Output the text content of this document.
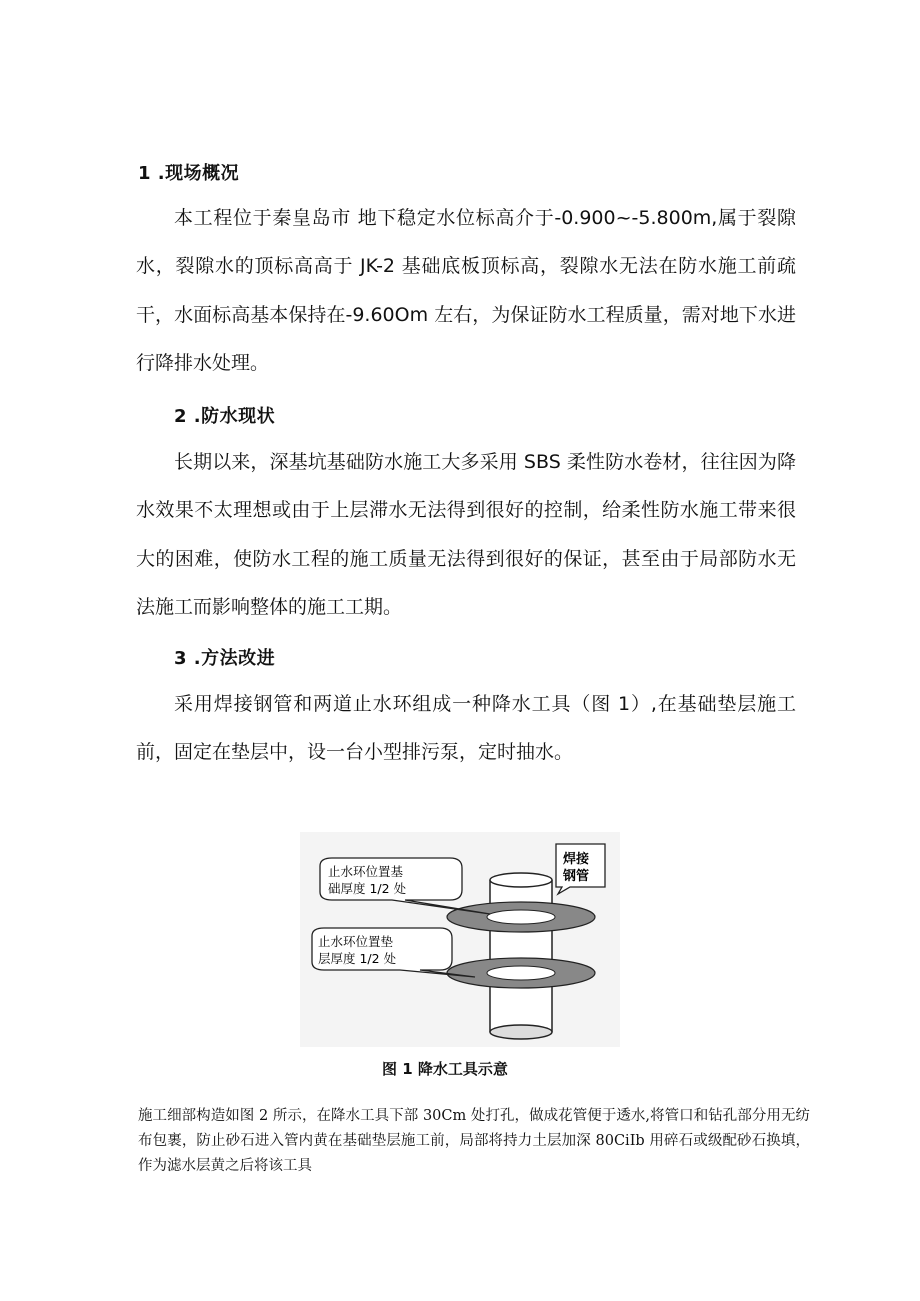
1 .现场概况

本工程位于秦皇岛市 地下稳定水位标高介于-0.900~-5.800m,属于裂隙水，裂隙水的顶标高高于 JK-2 基础底板顶标高，裂隙水无法在防水施工前疏干，水面标高基本保持在-9.60Om 左右，为保证防水工程质量，需对地下水进行降排水处理。

2 .防水现状

长期以来，深基坑基础防水施工大多采用 SBS 柔性防水卷材，往往因为降水效果不太理想或由于上层滞水无法得到很好的控制，给柔性防水施工带来很大的困难，使防水工程的施工质量无法得到很好的保证，甚至由于局部防水无法施工而影响整体的施工工期。

3 .方法改进

采用焊接钢管和两道止水环组成一种降水工具（图 1）,在基础垫层施工前，固定在垫层中，设一台小型排污泵，定时抽水。

焊接
钢管
止水环位置基
础厚度 1/2 处
止水环位置垫
层厚度 1/2 处
图 1 降水工具示意

施工细部构造如图 2 所示，在降水工具下部 30Cm 处打孔，做成花管便于透水,将管口和钻孔部分用无纺布包裹，防止砂石进入管内黄在基础垫层施工前，局部将持力土层加深 80CiIb 用碎石或级配砂石换填，作为滤水层黄之后将该工具
